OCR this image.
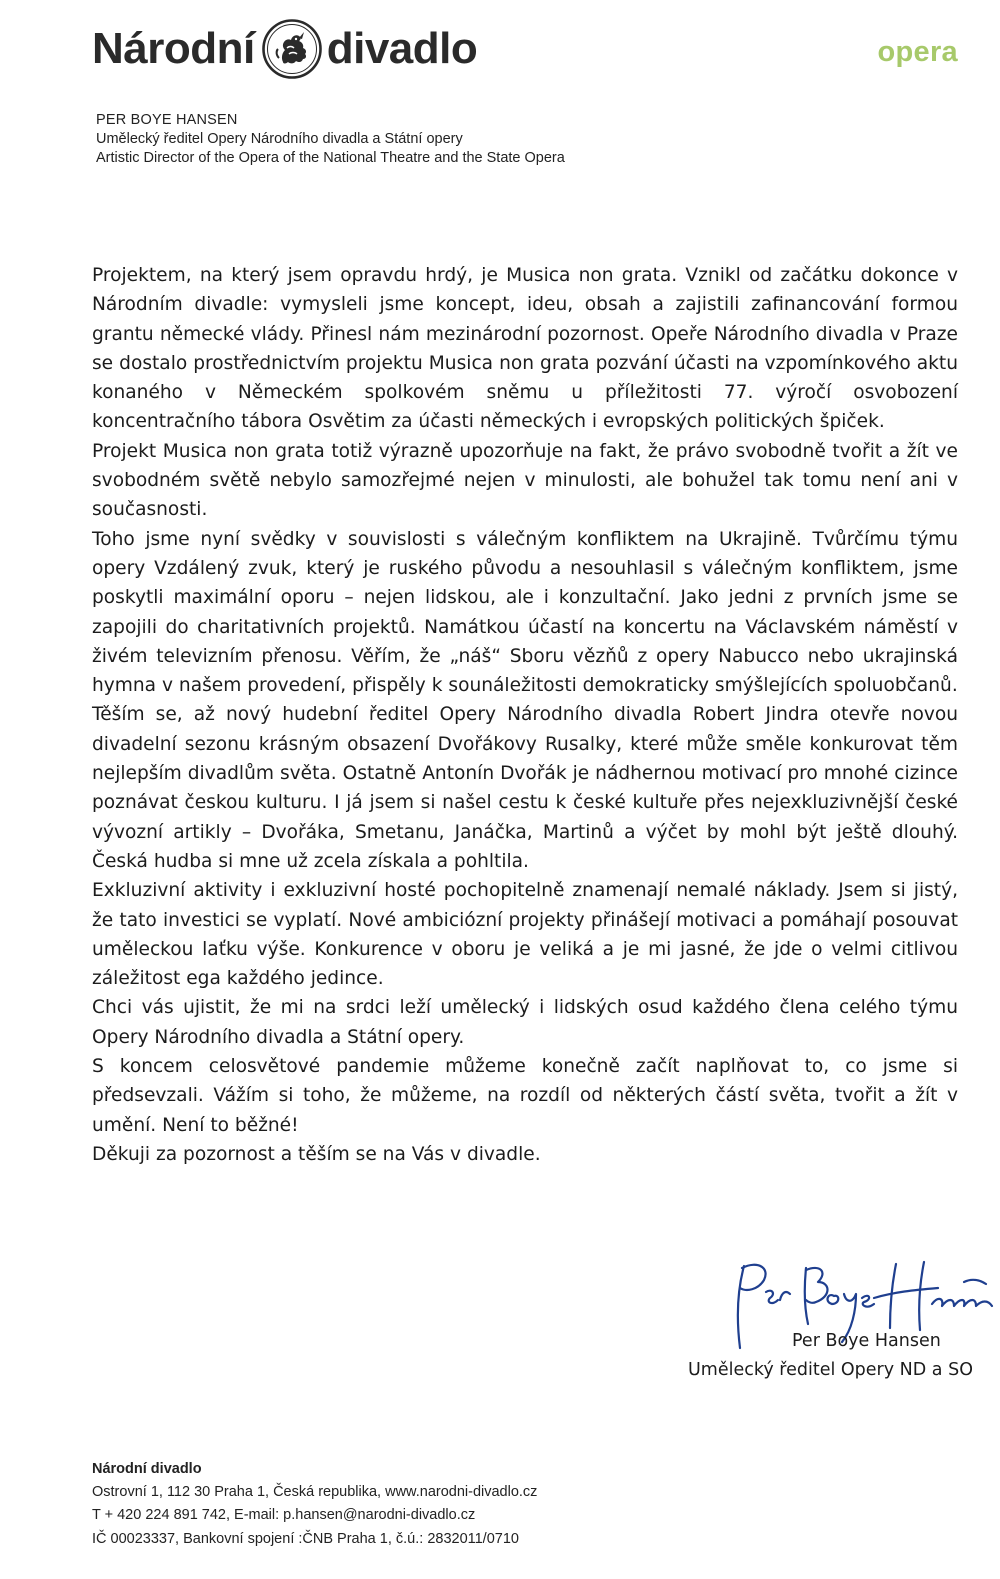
Národní divadlo	opera
PER BOYE HANSEN
Umělecký ředitel Opery Národního divadla a Státní opery
Artistic Director of the Opera of the National Theatre and the State Opera

Projektem, na který jsem opravdu hrdý, je Musica non grata. Vznikl od začátku dokonce v Národním divadle: vymysleli jsme koncept, ideu, obsah a zajistili zafinancování formou grantu německé vlády. Přinesl nám mezinárodní pozornost. Opeře Národního divadla v Praze se dostalo prostřednictvím projektu Musica non grata pozvání účasti na vzpomínkového aktu konaného v Německém spolkovém sněmu u příležitosti 77. výročí osvobození koncentračního tábora Osvětim za účasti německých i evropských politických špiček.

Projekt Musica non grata totiž výrazně upozorňuje na fakt, že právo svobodně tvořit a žít ve svobodném světě nebylo samozřejmé nejen v minulosti, ale bohužel tak tomu není ani v současnosti.

Toho jsme nyní svědky v souvislosti s válečným konfliktem na Ukrajině. Tvůrčímu týmu opery Vzdálený zvuk, který je ruského původu a nesouhlasil s válečným konfliktem, jsme poskytli maximální oporu – nejen lidskou, ale i konzultační. Jako jedni z prvních jsme se zapojili do charitativních projektů. Namátkou účastí na koncertu na Václavském náměstí v živém televizním přenosu. Věřím, že „náš“ Sboru vězňů z opery Nabucco nebo ukrajinská hymna v našem provedení, přispěly k sounáležitosti demokraticky smýšlejících spoluobčanů.

Těším se, až nový hudební ředitel Opery Národního divadla Robert Jindra otevře novou divadelní sezonu krásným obsazení Dvořákovy Rusalky, které může směle konkurovat těm nejlepším divadlům světa. Ostatně Antonín Dvořák je nádhernou motivací pro mnohé cizince poznávat českou kulturu. I já jsem si našel cestu k české kultuře přes nejexkluzivnější české vývozní artikly – Dvořáka, Smetanu, Janáčka, Martinů a výčet by mohl být ještě dlouhý. Česká hudba si mne už zcela získala a pohltila.

Exkluzivní aktivity i exkluzivní hosté pochopitelně znamenají nemalé náklady. Jsem si jistý, že tato investici se vyplatí. Nové ambiciózní projekty přinášejí motivaci a pomáhají posouvat uměleckou laťku výše. Konkurence v oboru je veliká a je mi jasné, že jde o velmi citlivou záležitost ega každého jedince.

Chci vás ujistit, že mi na srdci leží umělecký i lidských osud každého člena celého týmu Opery Národního divadla a Státní opery.

S koncem celosvětové pandemie můžeme konečně začít naplňovat to, co jsme si předsevzali. Vážím si toho, že můžeme, na rozdíl od některých částí světa, tvořit a žít v umění. Není to běžné!

Děkuji za pozornost a těším se na Vás v divadle.

Per Boye Hansen
Umělecký ředitel Opery ND a SO
Národní divadlo
Ostrovní 1, 112 30 Praha 1, Česká republika, www.narodni-divadlo.cz
T + 420 224 891 742, E-mail: p.hansen@narodni-divadlo.cz
IČ 00023337, Bankovní spojení :ČNB Praha 1, č.ú.: 2832011/0710
